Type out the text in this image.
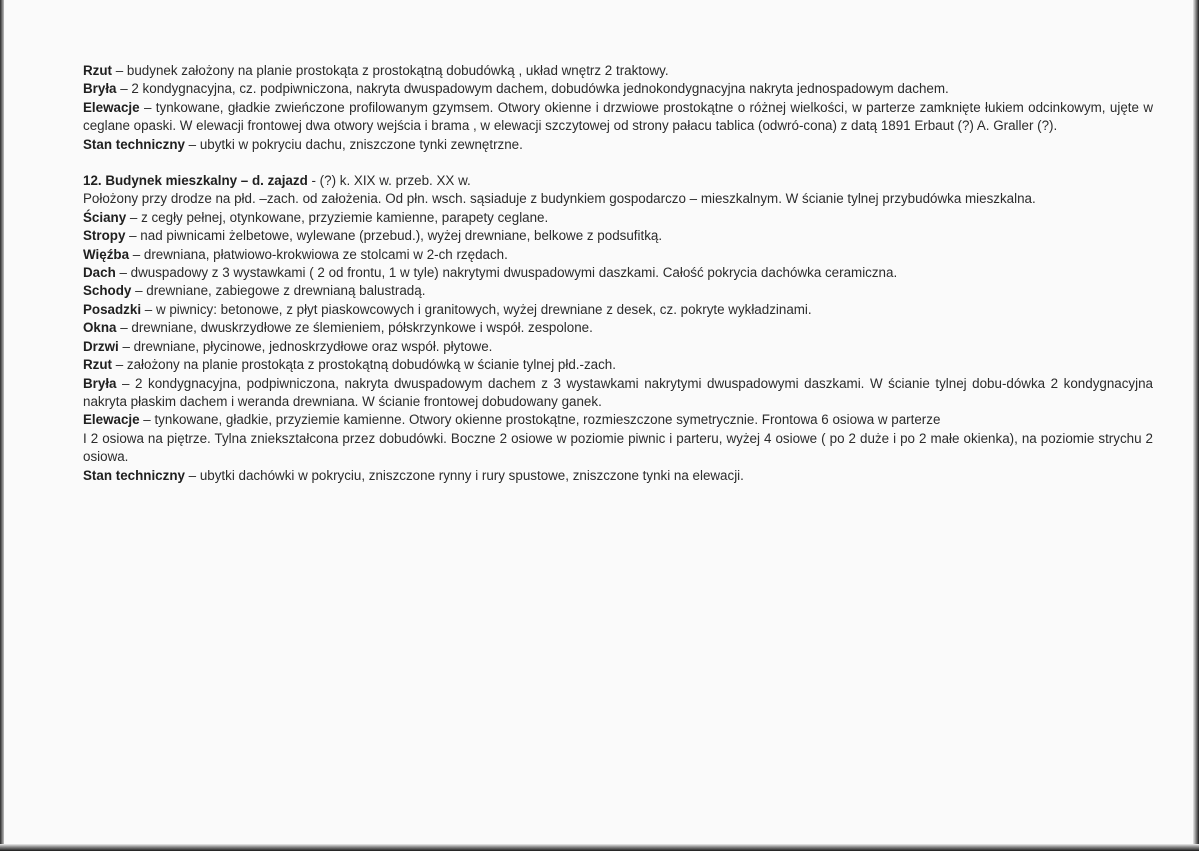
Rzut – budynek założony na planie prostokąta z prostokątną dobudówką , układ wnętrz 2 traktowy.

Bryła – 2 kondygnacyjna, cz. podpiwniczona, nakryta dwuspadowym dachem, dobudówka jednokondygnacyjna nakryta jednospadowym dachem.

Elewacje – tynkowane, gładkie zwieńczone profilowanym gzymsem. Otwory okienne i drzwiowe prostokątne o różnej wielkości, w parterze zamknięte łukiem odcinkowym, ujęte w ceglane opaski. W elewacji frontowej dwa otwory wejścia i brama , w elewacji szczytowej od strony pałacu tablica (odwró-cona) z datą 1891 Erbaut (?) A. Graller (?).

Stan techniczny – ubytki w pokryciu dachu, zniszczone tynki zewnętrzne.

12. Budynek mieszkalny – d. zajazd - (?) k. XIX w. przeb. XX w.

Położony przy drodze na płd. –zach. od założenia. Od płn. wsch. sąsiaduje z budynkiem gospodarczo – mieszkalnym. W ścianie tylnej przybudówka mieszkalna.

Ściany – z cegły pełnej, otynkowane, przyziemie kamienne, parapety ceglane.

Stropy – nad piwnicami żelbetowe, wylewane (przebud.), wyżej drewniane, belkowe z podsufitką.

Więźba – drewniana, płatwiowo-krokwiowa ze stolcami w 2-ch rzędach.

Dach – dwuspadowy z 3 wystawkami ( 2 od frontu, 1 w tyle) nakrytymi dwuspadowymi daszkami. Całość pokrycia dachówka ceramiczna.

Schody – drewniane, zabiegowe z drewnianą balustradą.

Posadzki – w piwnicy: betonowe, z płyt piaskowcowych i granitowych, wyżej drewniane z desek, cz. pokryte wykładzinami.

Okna – drewniane, dwuskrzydłowe ze ślemieniem, półskrzynkowe i współ. zespolone.

Drzwi – drewniane, płycinowe, jednoskrzydłowe oraz współ. płytowe.

Rzut – założony na planie prostokąta z prostokątną dobudówką w ścianie tylnej płd.-zach.

Bryła – 2 kondygnacyjna, podpiwniczona, nakryta dwuspadowym dachem z 3 wystawkami nakrytymi dwuspadowymi daszkami. W ścianie tylnej dobu-dówka 2 kondygnacyjna nakryta płaskim dachem i weranda drewniana. W ścianie frontowej dobudowany ganek.

Elewacje – tynkowane, gładkie, przyziemie kamienne. Otwory okienne prostokątne, rozmieszczone symetrycznie. Frontowa 6 osiowa w parterze
I 2 osiowa na piętrze. Tylna zniekształcona przez dobudówki. Boczne 2 osiowe w poziomie piwnic i parteru, wyżej 4 osiowe ( po 2 duże i po 2 małe okienka), na poziomie strychu 2 osiowa.

Stan techniczny – ubytki dachówki w pokryciu, zniszczone rynny i rury spustowe, zniszczone tynki na elewacji.
